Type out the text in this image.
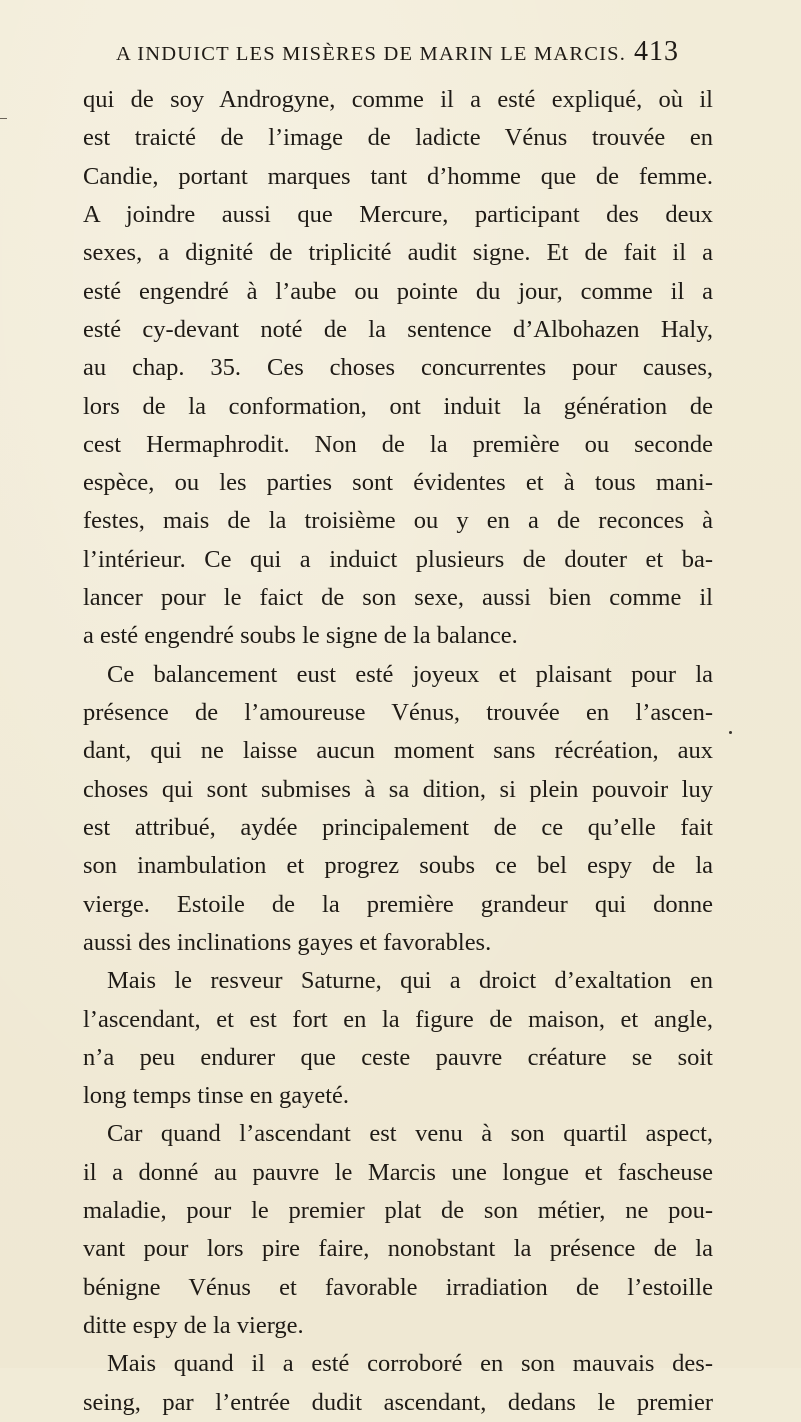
A INDUICT LES MISÈRES DE MARIN LE MARCIS. 413
qui de soy Androgyne, comme il a esté expliqué, où il
est traicté de l’image de ladicte Vénus trouvée en
Candie, portant marques tant d’homme que de femme.
A joindre aussi que Mercure, participant des deux
sexes, a dignité de triplicité audit signe. Et de fait il a
esté engendré à l’aube ou pointe du jour, comme il a
esté cy-devant noté de la sentence d’Albohazen Haly,
au chap. 35. Ces choses concurrentes pour causes,
lors de la conformation, ont induit la génération de
cest Hermaphrodit. Non de la première ou seconde
espèce, ou les parties sont évidentes et à tous mani-
festes, mais de la troisième ou y en a de reconces à
l’intérieur. Ce qui a induict plusieurs de douter et ba-
lancer pour le faict de son sexe, aussi bien comme il
a esté engendré soubs le signe de la balance.
Ce balancement eust esté joyeux et plaisant pour la
présence de l’amoureuse Vénus, trouvée en l’ascen-
dant, qui ne laisse aucun moment sans récréation, aux
choses qui sont submises à sa dition, si plein pouvoir luy
est attribué, aydée principalement de ce qu’elle fait
son inambulation et progrez soubs ce bel espy de la
vierge. Estoile de la première grandeur qui donne
aussi des inclinations gayes et favorables.
Mais le resveur Saturne, qui a droict d’exaltation en
l’ascendant, et est fort en la figure de maison, et angle,
n’a peu endurer que ceste pauvre créature se soit
long temps tinse en gayeté.
Car quand l’ascendant est venu à son quartil aspect,
il a donné au pauvre le Marcis une longue et fascheuse
maladie, pour le premier plat de son métier, ne pou-
vant pour lors pire faire, nonobstant la présence de la
bénigne Vénus et favorable irradiation de l’estoille
ditte espy de la vierge.
Mais quand il a esté corroboré en son mauvais des-
seing, par l’entrée dudit ascendant, dedans le premier
